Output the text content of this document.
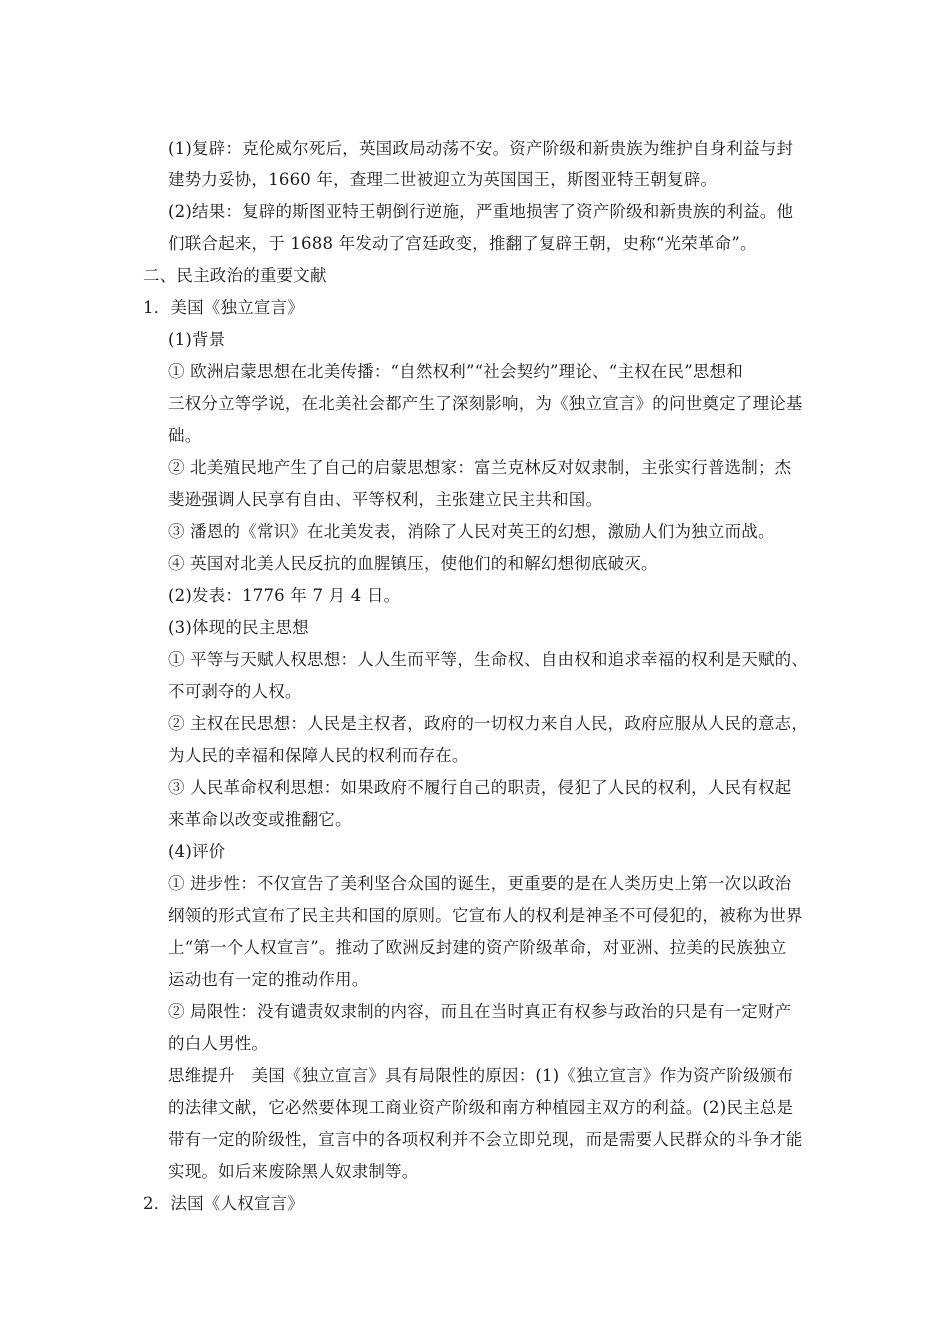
(1)复辟：克伦威尔死后，英国政局动荡不安。资产阶级和新贵族为维护自身利益与封
建势力妥协，1660 年，查理二世被迎立为英国国王，斯图亚特王朝复辟。
(2)结果：复辟的斯图亚特王朝倒行逆施，严重地损害了资产阶级和新贵族的利益。他
们联合起来，于 1688 年发动了宫廷政变，推翻了复辟王朝，史称“光荣革命”。
二、民主政治的重要文献
1．美国《独立宣言》
(1)背景
① 欧洲启蒙思想在北美传播：“自然权利”“社会契约”理论、“主权在民”思想和
三权分立等学说，在北美社会都产生了深刻影响，为《独立宣言》的问世奠定了理论基
础。
② 北美殖民地产生了自己的启蒙思想家：富兰克林反对奴隶制，主张实行普选制；杰
斐逊强调人民享有自由、平等权利，主张建立民主共和国。
③ 潘恩的《常识》在北美发表，消除了人民对英王的幻想，激励人们为独立而战。
④ 英国对北美人民反抗的血腥镇压，使他们的和解幻想彻底破灭。
(2)发表：1776 年 7 月 4 日。
(3)体现的民主思想
① 平等与天赋人权思想：人人生而平等，生命权、自由权和追求幸福的权利是天赋的、
不可剥夺的人权。
② 主权在民思想：人民是主权者，政府的一切权力来自人民，政府应服从人民的意志，
为人民的幸福和保障人民的权利而存在。
③ 人民革命权利思想：如果政府不履行自己的职责，侵犯了人民的权利，人民有权起
来革命以改变或推翻它。
(4)评价
① 进步性：不仅宣告了美利坚合众国的诞生，更重要的是在人类历史上第一次以政治
纲领的形式宣布了民主共和国的原则。它宣布人的权利是神圣不可侵犯的，被称为世界
上“第一个人权宣言”。推动了欧洲反封建的资产阶级革命，对亚洲、拉美的民族独立
运动也有一定的推动作用。
② 局限性：没有谴责奴隶制的内容，而且在当时真正有权参与政治的只是有一定财产
的白人男性。
思维提升　美国《独立宣言》具有局限性的原因：(1)《独立宣言》作为资产阶级颁布
的法律文献，它必然要体现工商业资产阶级和南方种植园主双方的利益。(2)民主总是
带有一定的阶级性，宣言中的各项权利并不会立即兑现，而是需要人民群众的斗争才能
实现。如后来废除黑人奴隶制等。
2．法国《人权宣言》
